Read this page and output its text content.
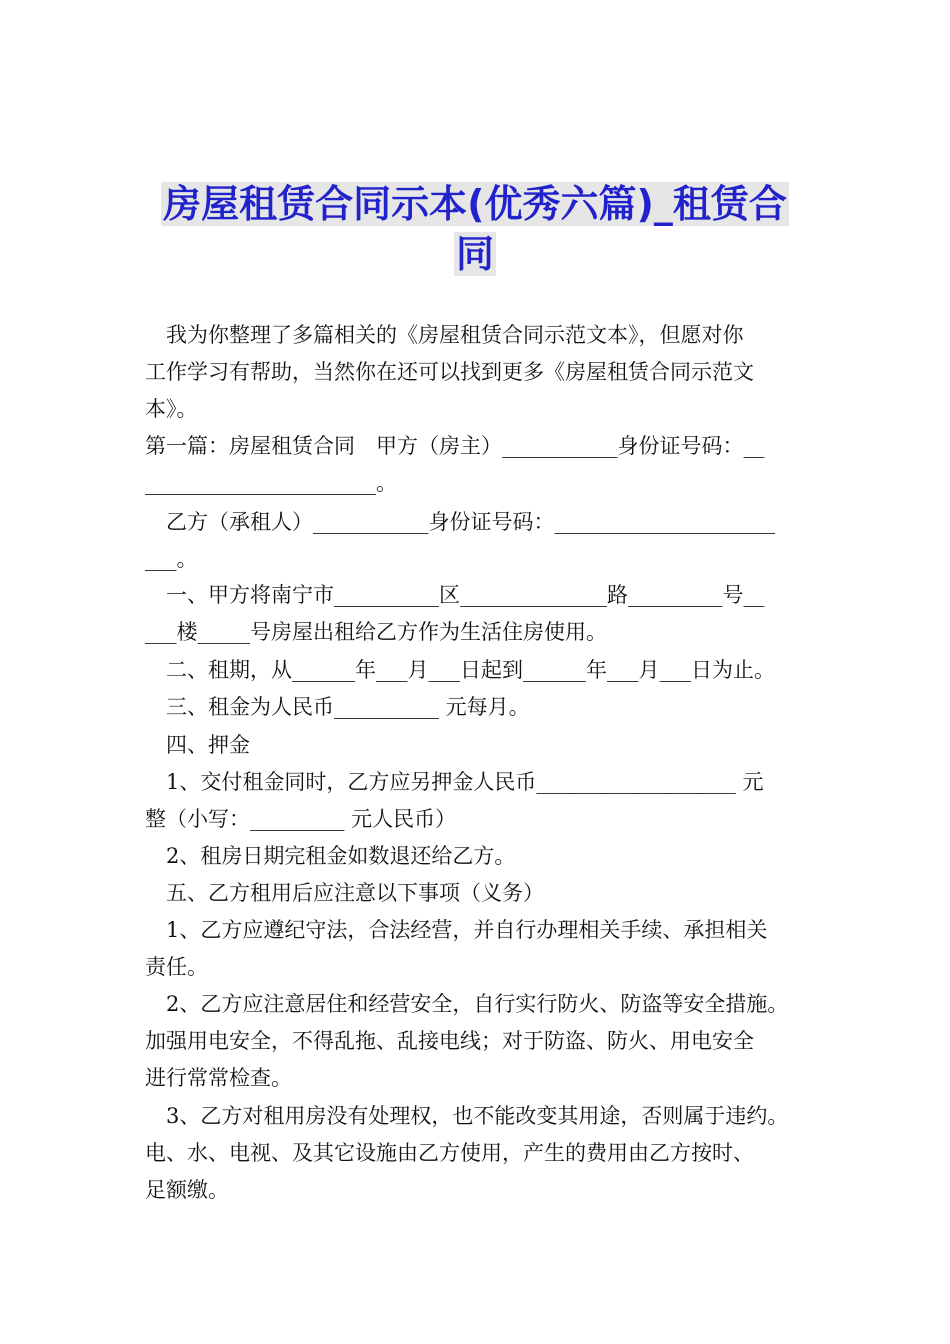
房屋租赁合同示本(优秀六篇)_租赁合
同
　我为你整理了多篇相关的《房屋租赁合同示范文本》，但愿对你
工作学习有帮助，当然你在还可以找到更多《房屋租赁合同示范文
本》。
第一篇：房屋租赁合同　甲方（房主）___________身份证号码：__
______________________。
　乙方（承租人）___________身份证号码：_____________________
___。
　一、甲方将南宁市__________区______________路_________号__
___楼_____号房屋出租给乙方作为生活住房使用。
　二、租期，从______年___月___日起到______年___月___日为止。
　三、租金为人民币__________ 元每月。
　四、押金
　1、交付租金同时，乙方应另押金人民币___________________ 元
整（小写：_________ 元人民币）
　2、租房日期完租金如数退还给乙方。
　五、乙方租用后应注意以下事项（义务）
　1、乙方应遵纪守法，合法经营，并自行办理相关手续、承担相关
责任。
　2、乙方应注意居住和经营安全，自行实行防火、防盗等安全措施。
加强用电安全，不得乱拖、乱接电线；对于防盗、防火、用电安全
进行常常检查。
　3、乙方对租用房没有处理权，也不能改变其用途，否则属于违约。
电、水、电视、及其它设施由乙方使用，产生的费用由乙方按时、
足额缴。
